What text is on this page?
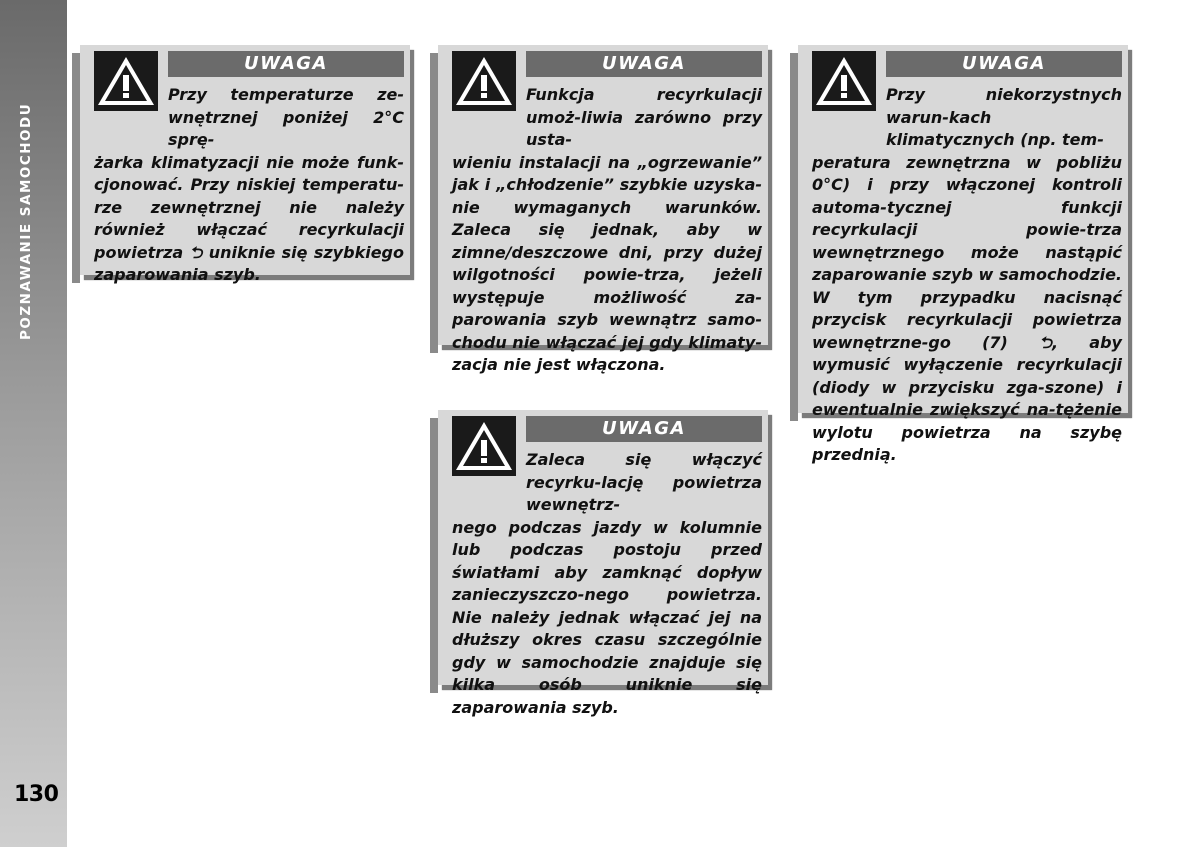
POZNAWANIE SAMOCHODU
130
UWAGA
Przy temperaturze ze-wnętrznej poniżej 2°C sprę-
żarka klimatyzacji nie może funk-cjonować. Przy niskiej temperatu-rze zewnętrznej nie należy również włączać recyrkulacji powietrza ⮌ uniknie się szybkiego zaparowania szyb.
UWAGA
Funkcja recyrkulacji umoż-liwia zarówno przy usta-
wieniu instalacji na „ogrzewanie” jak i „chłodzenie” szybkie uzyska-nie wymaganych warunków. Zaleca się jednak, aby w zimne/deszczowe dni, przy dużej wilgotności powie-trza, jeżeli występuje możliwość za-parowania szyb wewnątrz samo-chodu nie włączać jej gdy klimaty-zacja nie jest włączona.
UWAGA
Przy niekorzystnych warun-kach klimatycznych (np. tem-
peratura zewnętrzna w pobliżu 0°C) i przy włączonej kontroli automa-tycznej funkcji recyrkulacji powie-trza wewnętrznego może nastąpić zaparowanie szyb w samochodzie. W tym przypadku nacisnąć przycisk recyrkulacji powietrza wewnętrzne-go (7) ⮌, aby wymusić wyłączenie recyrkulacji (diody w przycisku zga-szone) i ewentualnie zwiększyć na-tężenie wylotu powietrza na szybę przednią.
UWAGA
Zaleca się włączyć recyrku-lację powietrza wewnętrz-
nego podczas jazdy w kolumnie lub podczas postoju przed światłami aby zamknąć dopływ zanieczyszczo-nego powietrza. Nie należy jednak włączać jej na dłuższy okres czasu szczególnie gdy w samochodzie znajduje się kilka osób uniknie się zaparowania szyb.
